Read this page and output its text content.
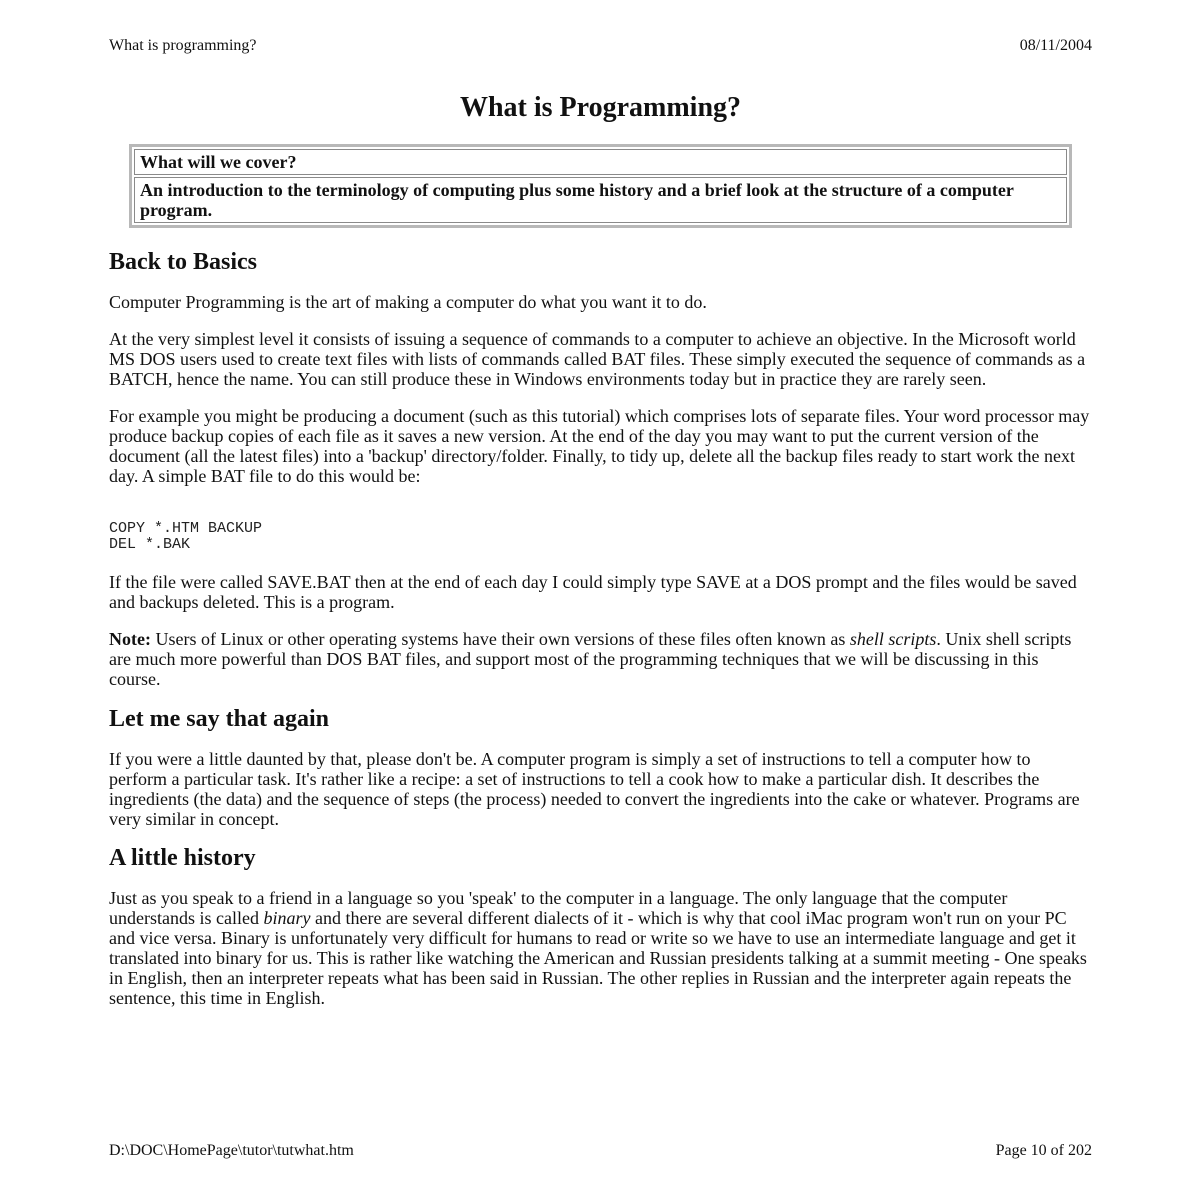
What is programming?	08/11/2004
What is Programming?
What will we cover?
An introduction to the terminology of computing plus some history and a brief look at the structure of a computer program.
Back to Basics

Computer Programming is the art of making a computer do what you want it to do.

At the very simplest level it consists of issuing a sequence of commands to a computer to achieve an objective. In the Microsoft world MS DOS users used to create text files with lists of commands called BAT files. These simply executed the sequence of commands as a BATCH, hence the name. You can still produce these in Windows environments today but in practice they are rarely seen.

For example you might be producing a document (such as this tutorial) which comprises lots of separate files. Your word processor may produce backup copies of each file as it saves a new version. At the end of the day you may want to put the current version of the document (all the latest files) into a 'backup' directory/folder. Finally, to tidy up, delete all the backup files ready to start work the next day. A simple BAT file to do this would be:

COPY *.HTM BACKUP
DEL *.BAK

If the file were called SAVE.BAT then at the end of each day I could simply type SAVE at a DOS prompt and the files would be saved and backups deleted. This is a program.

Note: Users of Linux or other operating systems have their own versions of these files often known as shell scripts. Unix shell scripts are much more powerful than DOS BAT files, and support most of the programming techniques that we will be discussing in this course.

Let me say that again

If you were a little daunted by that, please don't be. A computer program is simply a set of instructions to tell a computer how to perform a particular task. It's rather like a recipe: a set of instructions to tell a cook how to make a particular dish. It describes the ingredients (the data) and the sequence of steps (the process) needed to convert the ingredients into the cake or whatever. Programs are very similar in concept.

A little history

Just as you speak to a friend in a language so you 'speak' to the computer in a language. The only language that the computer understands is called binary and there are several different dialects of it - which is why that cool iMac program won't run on your PC and vice versa. Binary is unfortunately very difficult for humans to read or write so we have to use an intermediate language and get it translated into binary for us. This is rather like watching the American and Russian presidents talking at a summit meeting - One speaks in English, then an interpreter repeats what has been said in Russian. The other replies in Russian and the interpreter again repeats the sentence, this time in English.

D:\DOC\HomePage\tutor\tutwhat.htm	Page 10 of 202
